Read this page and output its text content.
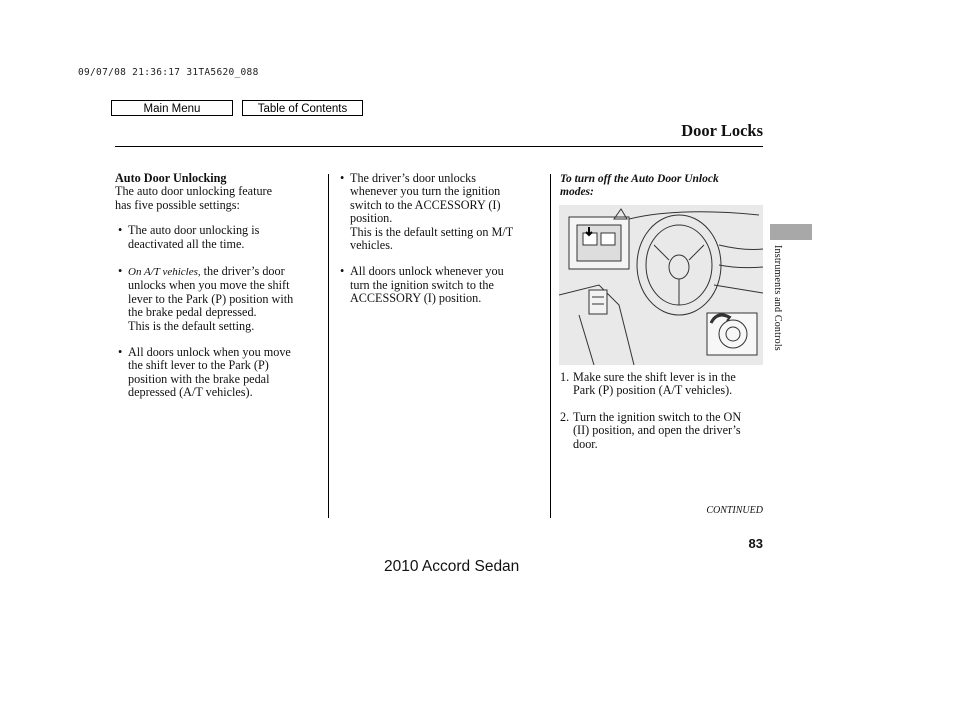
09/07/08 21:36:17 31TA5620_088
Main Menu	Table of Contents
Door Locks

Auto Door Unlocking

The auto door unlocking feature

has five possible settings:

• The auto door unlocking is

deactivated all the time.

• On A/T vehicles, the driver’s door

unlocks when you move the shift

lever to the Park (P) position with

the brake pedal depressed.

This is the default setting.

• All doors unlock when you move

the shift lever to the Park (P)

position with the brake pedal

depressed (A/T vehicles).

• The driver’s door unlocks

whenever you turn the ignition

switch to the ACCESSORY (I)

position.

This is the default setting on M/T

vehicles.

• All doors unlock whenever you

turn the ignition switch to the

ACCESSORY (I) position.

To turn off the Auto Door Unlock

modes:

1. Make sure the shift lever is in the

Park (P) position (A/T vehicles).

2. Turn the ignition switch to the ON

(II) position, and open the driver’s

door.

Instruments and Controls
CONTINUED
83
2010 Accord Sedan
